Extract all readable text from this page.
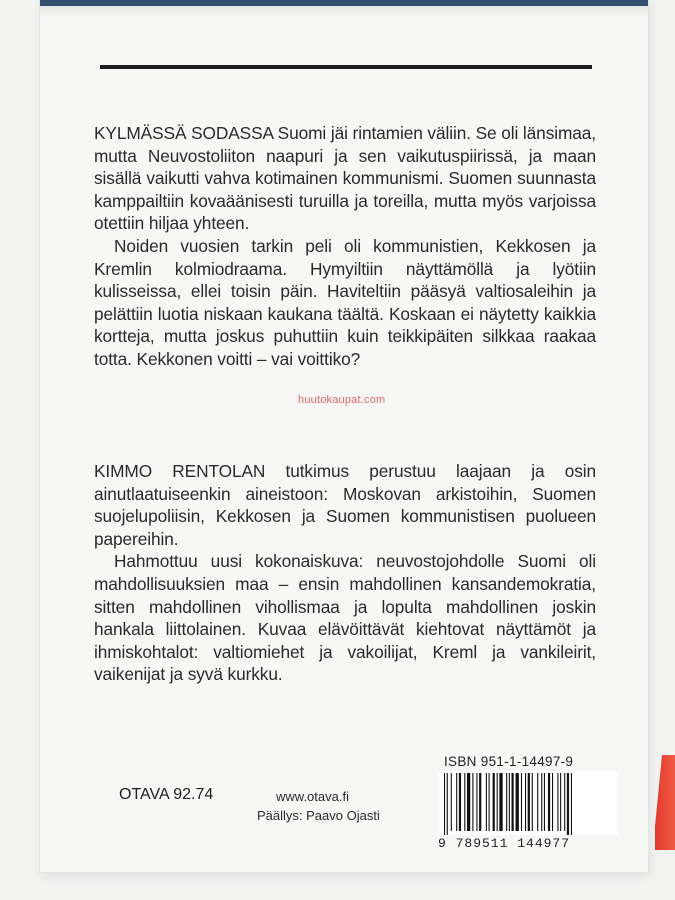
KYLMÄSSÄ SODASSA Suomi jäi rintamien väliin. Se oli länsimaa, mutta Neuvostoliiton naapuri ja sen vaikutuspiirissä, ja maan sisällä vaikutti vahva kotimainen kommunismi. Suomen suunnasta kamppailtiin kovaäänisesti turuilla ja toreilla, mutta myös varjoissa otettiin hiljaa yhteen.

Noiden vuosien tarkin peli oli kommunistien, Kekkosen ja Kremlin kolmiodraama. Hymyiltiin näyttämöllä ja lyötiin kulisseissa, ellei toisin päin. Haviteltiin pääsyä valtiosaleihin ja pelättiin luotia niskaan kaukana täältä. Koskaan ei näytetty kaikkia kortteja, mutta joskus puhuttiin kuin teikkipäiten silkkaa raakaa totta. Kekkonen voitti – vai voittiko?

KIMMO RENTOLAN tutkimus perustuu laajaan ja osin ainutlaatuiseenkin aineistoon: Moskovan arkistoihin, Suomen suojelupoliisin, Kekkosen ja Suomen kommunistisen puolueen papereihin.

Hahmottuu uusi kokonaiskuva: neuvostojohdolle Suomi oli mahdollisuuksien maa – ensin mahdollinen kansandemokratia, sitten mahdollinen vihollismaa ja lopulta mahdollinen joskin hankala liittolainen. Kuvaa elävöittävät kiehtovat näyttämöt ja ihmiskohtalot: valtiomiehet ja vakoilijat, Kreml ja vankileirit, vaikenijat ja syvä kurkku.

huutokaupat.com
OTAVA 92.74	www.otava.fi
Päällys: Paavo Ojasti
ISBN 951-1-14497-9
9 789511 144977
